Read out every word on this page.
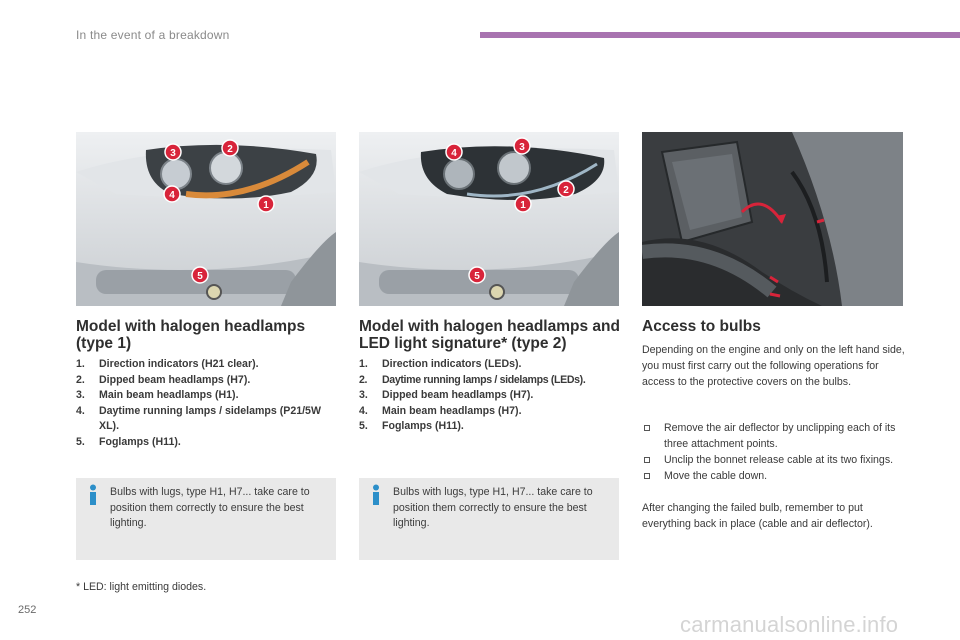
In the event of a breakdown
1
2
3
4
5
1
2
3
4
5
Model with halogen headlamps (type 1)
Model with halogen headlamps and LED light signature* (type 2)
Access to bulbs
1. Direction indicators (H21 clear).
2. Dipped beam headlamps (H7).
3. Main beam headlamps (H1).
4. Daytime running lamps / sidelamps (P21/5W XL).
5. Foglamps (H11).
1. Direction indicators (LEDs).
2. Daytime running lamps / sidelamps (LEDs).
3. Dipped beam headlamps (H7).
4. Main beam headlamps (H7).
5. Foglamps (H11).
Bulbs with lugs, type H1, H7... take care to position them correctly to ensure the best lighting.
Bulbs with lugs, type H1, H7... take care to position them correctly to ensure the best lighting.
Depending on the engine and only on the left hand side, you must first carry out the following operations for access to the protective covers on the bulbs.
Remove the air deflector by unclipping each of its three attachment points.
Unclip the bonnet release cable at its two fixings.
Move the cable down.
After changing the failed bulb, remember to put everything back in place (cable and air deflector).
* LED: light emitting diodes.
252
carmanualsonline.info
